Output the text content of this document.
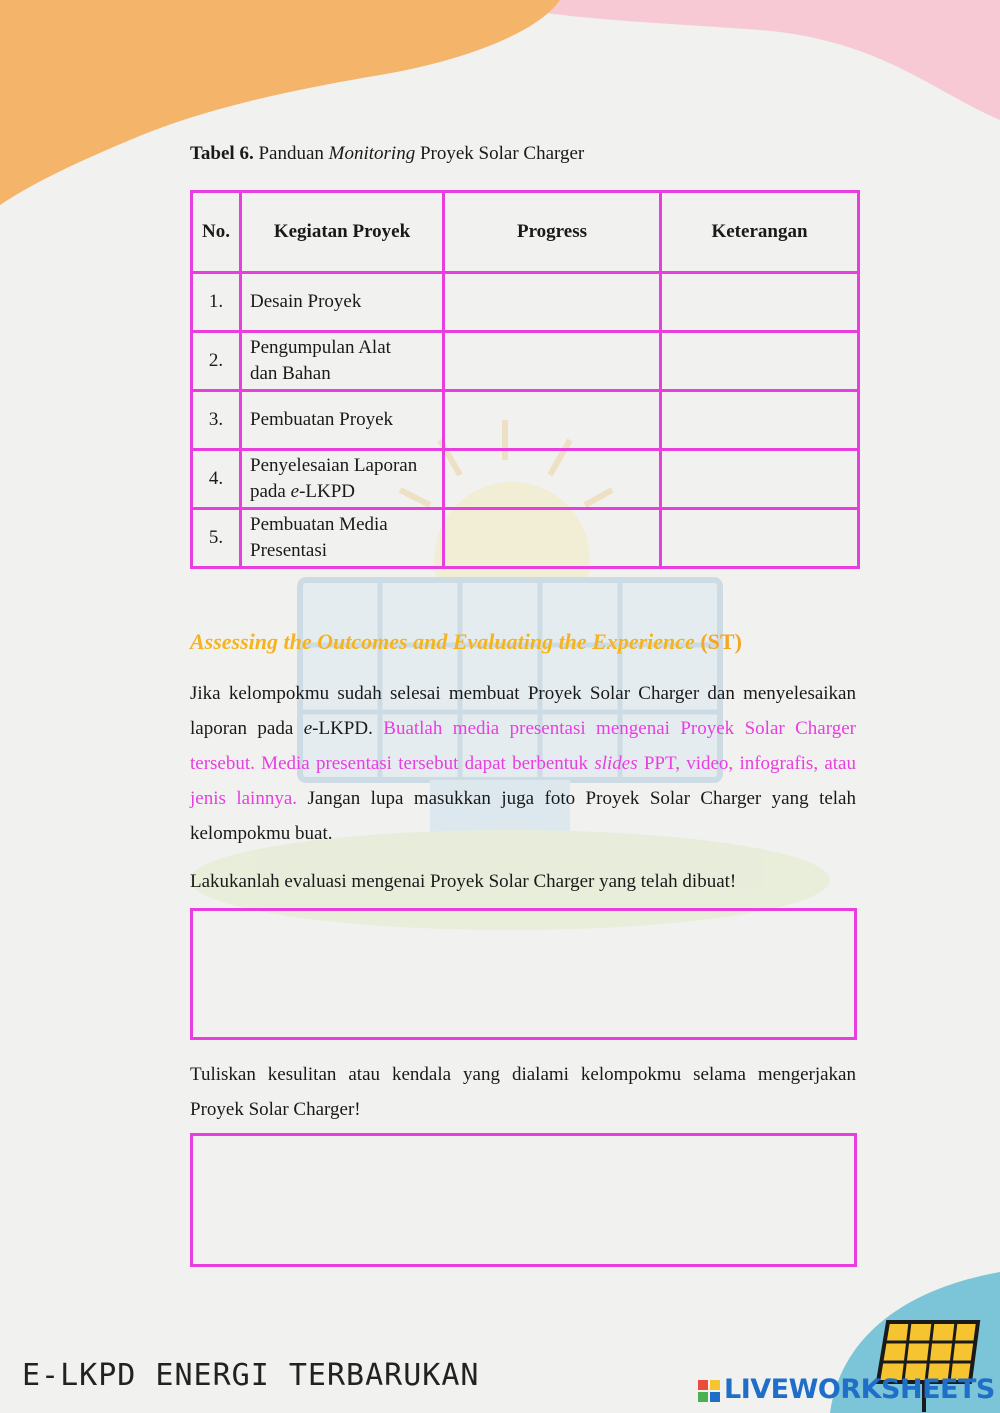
Tabel 6. Panduan Monitoring Proyek Solar Charger
No.	Kegiatan Proyek	Progress	Keterangan
1.	Desain Proyek		
2.	Pengumpulan Alat
dan Bahan		
3.	Pembuatan Proyek		
4.	Penyelesaian Laporan
pada e-LKPD		
5.	Pembuatan Media
Presentasi		
Assessing the Outcomes and Evaluating the Experience (ST)
Jika kelompokmu sudah selesai membuat Proyek Solar Charger dan menyelesaikan laporan pada e-LKPD. Buatlah media presentasi mengenai Proyek Solar Charger tersebut. Media presentasi tersebut dapat berbentuk slides PPT, video, infografis, atau jenis lainnya. Jangan lupa masukkan juga foto Proyek Solar Charger yang telah kelompokmu buat.
Lakukanlah evaluasi mengenai Proyek Solar Charger yang telah dibuat!
Tuliskan kesulitan atau kendala yang dialami kelompokmu selama mengerjakan Proyek Solar Charger!
E-LKPD ENERGI TERBARUKAN	LIVEWORKSHEETS
